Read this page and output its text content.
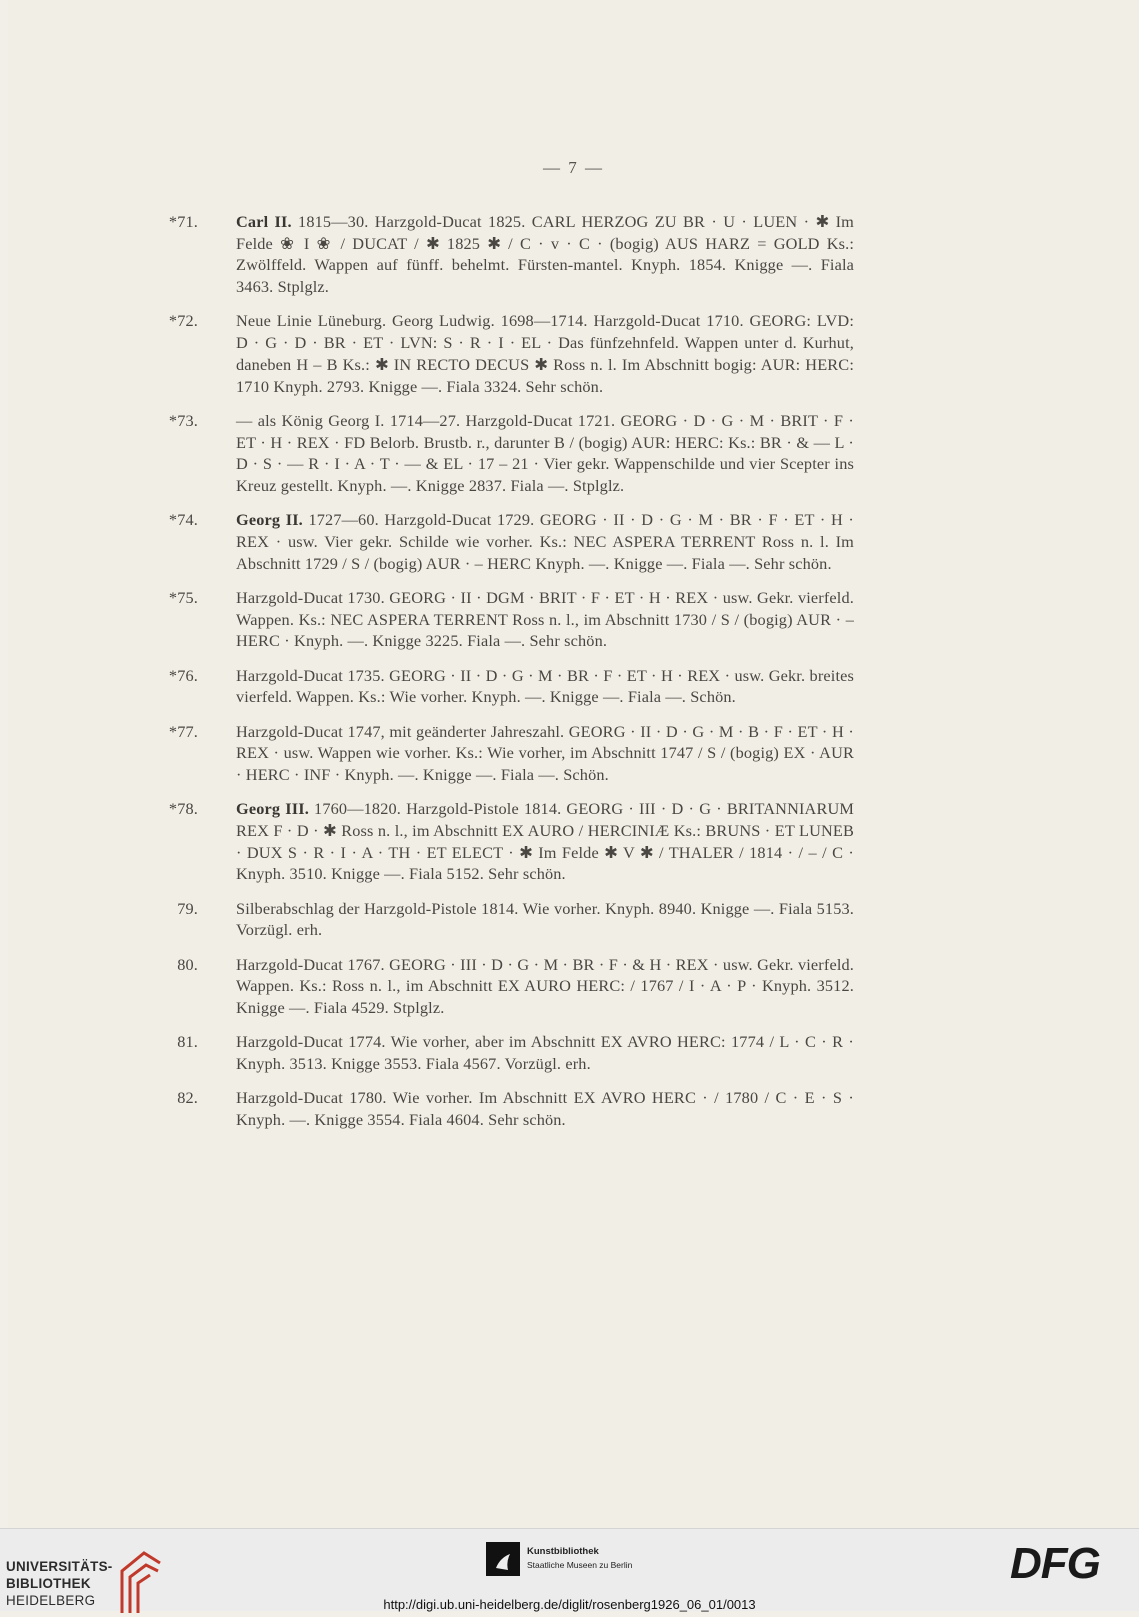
— 7 —
*71. Carl II. 1815—30. Harzgold-Ducat 1825. CARL HERZOG ZU BR · U · LUEN · ✱ Im Felde ❀ I ❀ / DUCAT / ✱ 1825 ✱ / C · v · C · (bogig) AUS HARZ = GOLD Ks.: Zwölffeld. Wappen auf fünff. behelmt. Fürsten-mantel. Knyph. 1854. Knigge —. Fiala 3463. Stplglz.
*72. Neue Linie Lüneburg. Georg Ludwig. 1698—1714. Harzgold-Ducat 1710. GEORG: LVD: D · G · D · BR · ET · LVN: S · R · I · EL · Das fünfzehnfeld. Wappen unter d. Kurhut, daneben H – B Ks.: ✱ IN RECTO DECUS ✱ Ross n. l. Im Abschnitt bogig: AUR: HERC: 1710 Knyph. 2793. Knigge —. Fiala 3324. Sehr schön.
*73. — als König Georg I. 1714—27. Harzgold-Ducat 1721. GEORG · D · G · M · BRIT · F · ET · H · REX · FD Belorb. Brustb. r., darunter B / (bogig) AUR: HERC: Ks.: BR · & — L · D · S · — R · I · A · T · — & EL · 17 – 21 · Vier gekr. Wappenschilde und vier Scepter ins Kreuz gestellt. Knyph. —. Knigge 2837. Fiala —. Stplglz.
*74. Georg II. 1727—60. Harzgold-Ducat 1729. GEORG · II · D · G · M · BR · F · ET · H · REX · usw. Vier gekr. Schilde wie vorher. Ks.: NEC ASPERA TERRENT Ross n. l. Im Abschnitt 1729 / S / (bogig) AUR · – HERC Knyph. —. Knigge —. Fiala —. Sehr schön.
*75. Harzgold-Ducat 1730. GEORG · II · DGM · BRIT · F · ET · H · REX · usw. Gekr. vierfeld. Wappen. Ks.: NEC ASPERA TERRENT Ross n. l., im Abschnitt 1730 / S / (bogig) AUR · – HERC · Knyph. —. Knigge 3225. Fiala —. Sehr schön.
*76. Harzgold-Ducat 1735. GEORG · II · D · G · M · BR · F · ET · H · REX · usw. Gekr. breites vierfeld. Wappen. Ks.: Wie vorher. Knyph. —. Knigge —. Fiala —. Schön.
*77. Harzgold-Ducat 1747, mit geänderter Jahreszahl. GEORG · II · D · G · M · B · F · ET · H · REX · usw. Wappen wie vorher. Ks.: Wie vorher, im Abschnitt 1747 / S / (bogig) EX · AUR · HERC · INF · Knyph. —. Knigge —. Fiala —. Schön.
*78. Georg III. 1760—1820. Harzgold-Pistole 1814. GEORG · III · D · G · BRITANNIARUM REX F · D · ✱ Ross n. l., im Abschnitt EX AURO / HERCINIÆ Ks.: BRUNS · ET LUNEB · DUX S · R · I · A · TH · ET ELECT · ✱ Im Felde ✱ V ✱ / THALER / 1814 · / – / C · Knyph. 3510. Knigge —. Fiala 5152. Sehr schön.
79. Silberabschlag der Harzgold-Pistole 1814. Wie vorher. Knyph. 8940. Knigge —. Fiala 5153. Vorzügl. erh.
80. Harzgold-Ducat 1767. GEORG · III · D · G · M · BR · F · & H · REX · usw. Gekr. vierfeld. Wappen. Ks.: Ross n. l., im Abschnitt EX AURO HERC: / 1767 / I · A · P · Knyph. 3512. Knigge —. Fiala 4529. Stplglz.
81. Harzgold-Ducat 1774. Wie vorher, aber im Abschnitt EX AVRO HERC: 1774 / L · C · R · Knyph. 3513. Knigge 3553. Fiala 4567. Vorzügl. erh.
82. Harzgold-Ducat 1780. Wie vorher. Im Abschnitt EX AVRO HERC · / 1780 / C · E · S · Knyph. —. Knigge 3554. Fiala 4604. Sehr schön.
UNIVERSITÄTS-
BIBLIOTHEK
HEIDELBERG
Kunstbibliothek
Staatliche Museen zu Berlin	DFG
http://digi.ub.uni-heidelberg.de/diglit/rosenberg1926_06_01/0013
